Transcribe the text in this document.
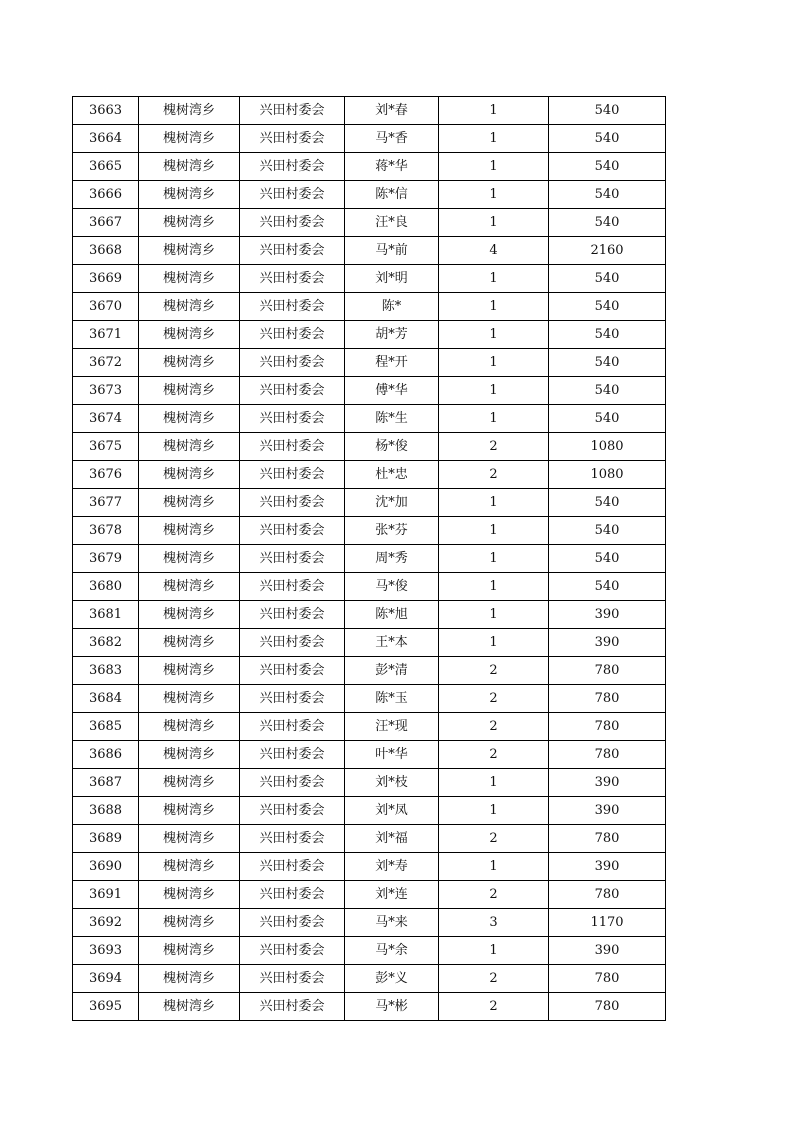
3663	槐树湾乡	兴田村委会	刘*春	1	540
3664	槐树湾乡	兴田村委会	马*香	1	540
3665	槐树湾乡	兴田村委会	蒋*华	1	540
3666	槐树湾乡	兴田村委会	陈*信	1	540
3667	槐树湾乡	兴田村委会	汪*良	1	540
3668	槐树湾乡	兴田村委会	马*前	4	2160
3669	槐树湾乡	兴田村委会	刘*明	1	540
3670	槐树湾乡	兴田村委会	陈*	1	540
3671	槐树湾乡	兴田村委会	胡*芳	1	540
3672	槐树湾乡	兴田村委会	程*开	1	540
3673	槐树湾乡	兴田村委会	傅*华	1	540
3674	槐树湾乡	兴田村委会	陈*生	1	540
3675	槐树湾乡	兴田村委会	杨*俊	2	1080
3676	槐树湾乡	兴田村委会	杜*忠	2	1080
3677	槐树湾乡	兴田村委会	沈*加	1	540
3678	槐树湾乡	兴田村委会	张*芬	1	540
3679	槐树湾乡	兴田村委会	周*秀	1	540
3680	槐树湾乡	兴田村委会	马*俊	1	540
3681	槐树湾乡	兴田村委会	陈*旭	1	390
3682	槐树湾乡	兴田村委会	王*本	1	390
3683	槐树湾乡	兴田村委会	彭*清	2	780
3684	槐树湾乡	兴田村委会	陈*玉	2	780
3685	槐树湾乡	兴田村委会	汪*现	2	780
3686	槐树湾乡	兴田村委会	叶*华	2	780
3687	槐树湾乡	兴田村委会	刘*枝	1	390
3688	槐树湾乡	兴田村委会	刘*凤	1	390
3689	槐树湾乡	兴田村委会	刘*福	2	780
3690	槐树湾乡	兴田村委会	刘*寿	1	390
3691	槐树湾乡	兴田村委会	刘*连	2	780
3692	槐树湾乡	兴田村委会	马*来	3	1170
3693	槐树湾乡	兴田村委会	马*余	1	390
3694	槐树湾乡	兴田村委会	彭*义	2	780
3695	槐树湾乡	兴田村委会	马*彬	2	780
